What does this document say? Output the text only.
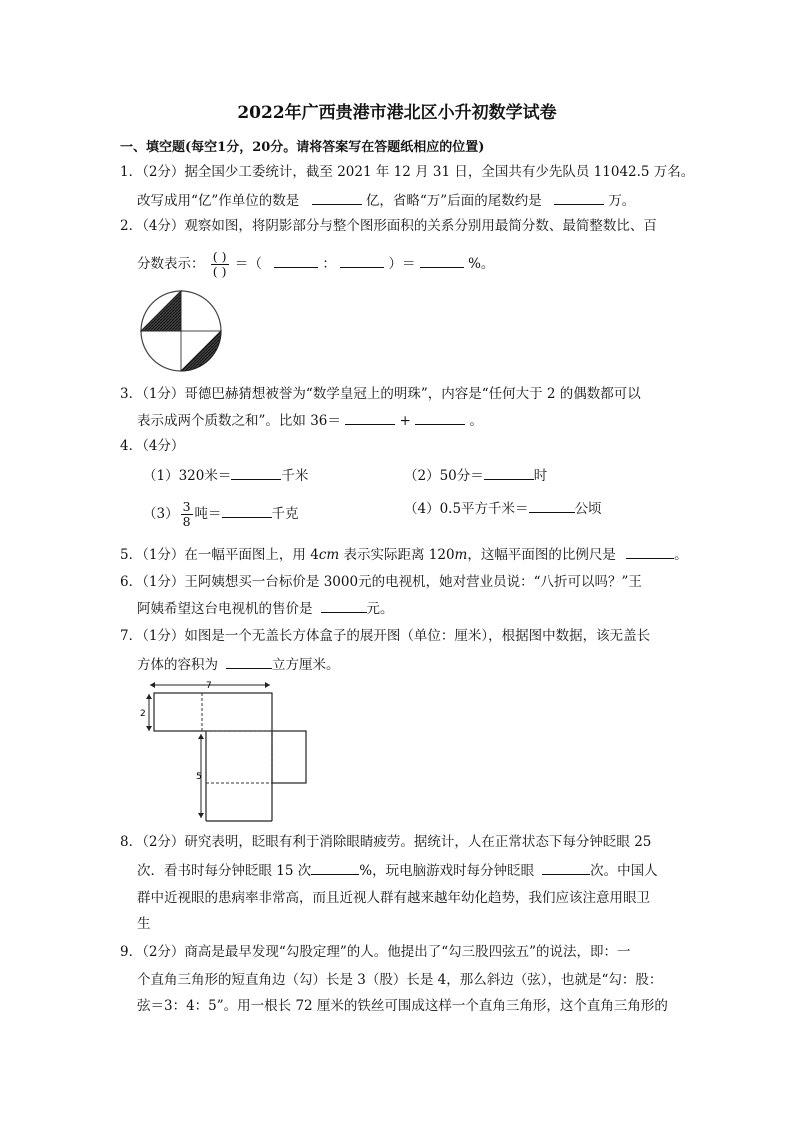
2022年广西贵港市港北区小升初数学试卷
一、填空题(每空1分，20分。请将答案写在答题纸相应的位置)
1．（2分）据全国少工委统计，截至 2021 年 12 月 31 日，全国共有少先队员 11042.5 万名。
改写成用“亿”作单位的数是	亿，省略“万”后面的尾数约是	万。
2．（4分）观察如图，将阴影部分与整个图形面积的关系分别用最简分数、最简整数比、百
分数表示： $\frac{( )}{( )}$ ＝（	：	）＝	%。
3．（1分）哥德巴赫猜想被誉为“数学皇冠上的明珠”，内容是“任何大于 2 的偶数都可以
表示成两个质数之和”。比如 36＝	+	。
4．（4分）
（1）320米＝	千米	（2）50分＝	时
$(3) \frac{3}{8}$ 吨＝	千克	（4）0.5平方千米＝	公顷
5．（1分）在一幅平面图上，用 4cm 表示实际距离 120m，这幅平面图的比例尺是	。
6．（1分）王阿姨想买一台标价是 3000元的电视机，她对营业员说：“八折可以吗？”王
阿姨希望这台电视机的售价是	元。
7．（1分）如图是一个无盖长方体盒子的展开图（单位：厘米），根据图中数据，该无盖长
方体的容积为	立方厘米。
7
2
5
8．（2分）研究表明，眨眼有利于消除眼睛疲劳。据统计，人在正常状态下每分钟眨眼 25
次．看书时每分钟眨眼 15 次	%，玩电脑游戏时每分钟眨眼	次。中国人
群中近视眼的患病率非常高，而且近视人群有越来越年幼化趋势，我们应该注意用眼卫
生
9．（2分）商高是最早发现“勾股定理”的人。他提出了“勾三股四弦五”的说法，即：一
个直角三角形的短直角边（勾）长是 3（股）长是 4，那么斜边（弦），也就是“勾：股：
弦＝3：4：5”。用一根长 72 厘米的铁丝可围成这样一个直角三角形，这个直角三角形的
